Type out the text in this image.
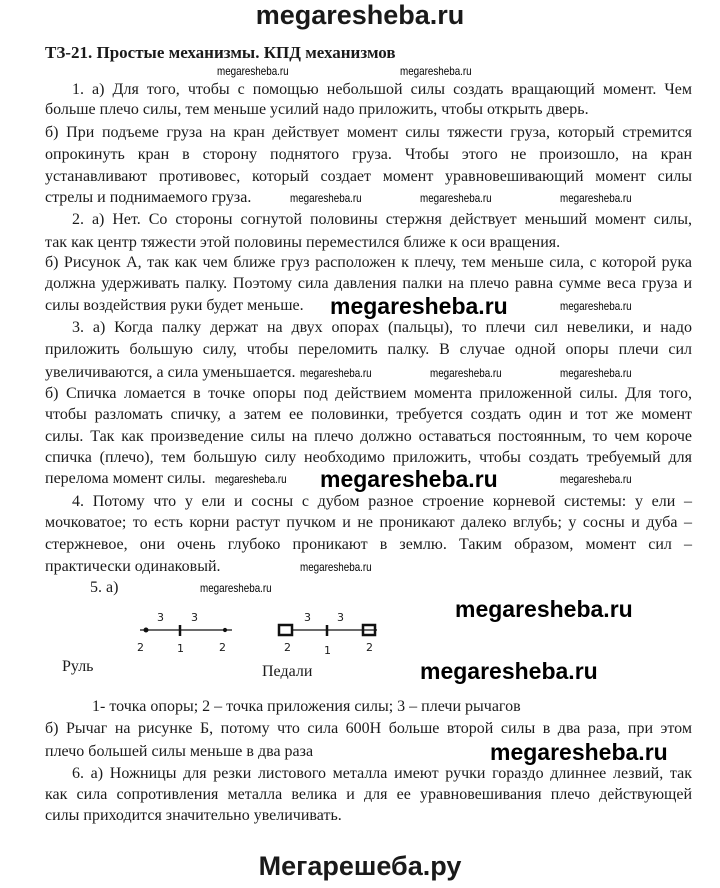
megaresheba.ru
ТЗ-21. Простые механизмы. КПД механизмов
megaresheba.ru	megaresheba.ru
megaresheba.ru	megaresheba.ru	megaresheba.ru
megaresheba.ru
megaresheba.ru	megaresheba.ru	megaresheba.ru
megaresheba.ru	megaresheba.ru
megaresheba.ru
megaresheba.ru
megaresheba.ru
megaresheba.ru
megaresheba.ru
megaresheba.ru
megaresheba.ru
1. а) Для того, чтобы с помощью небольшой силы создать вращающий момент. Чем
больше плечо силы, тем меньше усилий надо приложить, чтобы открыть дверь.
б) При подъеме груза на кран действует момент силы тяжести груза, который стремится
опрокинуть кран в сторону поднятого груза. Чтобы этого не произошло, на кран
устанавливают противовес, который создает момент уравновешивающий момент силы
стрелы и поднимаемого груза.
2. а) Нет. Со стороны согнутой половины стержня действует меньший момент силы,
так как центр тяжести этой половины переместился ближе к оси вращения.
б) Рисунок А, так как чем ближе груз расположен к плечу, тем меньше сила, с которой рука
должна удерживать палку. Поэтому сила давления палки на плечо равна сумме веса груза и
силы воздействия руки будет меньше.
3. а) Когда палку держат на двух опорах (пальцы), то плечи сил невелики, и надо
приложить большую силу, чтобы переломить палку. В случае одной опоры плечи сил
увеличиваются, а сила уменьшается.
б) Спичка ломается в точке опоры под действием момента приложенной силы. Для того,
чтобы разломать спичку, а затем ее половинки, требуется создать один и тот же момент
силы. Так как произведение силы на плечо должно оставаться постоянным, то чем короче
спичка (плечо), тем большую силу необходимо приложить, чтобы создать требуемый для
перелома момент силы.
4. Потому что у ели и сосны с дубом разное строение корневой системы: у ели –
мочковатое; то есть корни растут пучком и не проникают далеко вглубь; у сосны и дуба –
стержневое, они очень глубоко проникают в землю. Таким образом, момент сил –
практически одинаковый.
5. а)
3 3
2	1	2
Руль
3 3
2	1	2
Педали
1- точка опоры; 2 – точка приложения силы; 3 – плечи рычагов
б) Рычаг на рисунке Б, потому что сила 600Н больше второй силы в два раза, при этом
плечо большей силы меньше в два раза
6. а) Ножницы для резки листового металла имеют ручки гораздо длиннее лезвий, так
как сила сопротивления металла велика и для ее уравновешивания плечо действующей
силы приходится значительно увеличивать.
Мегарешеба.ру
